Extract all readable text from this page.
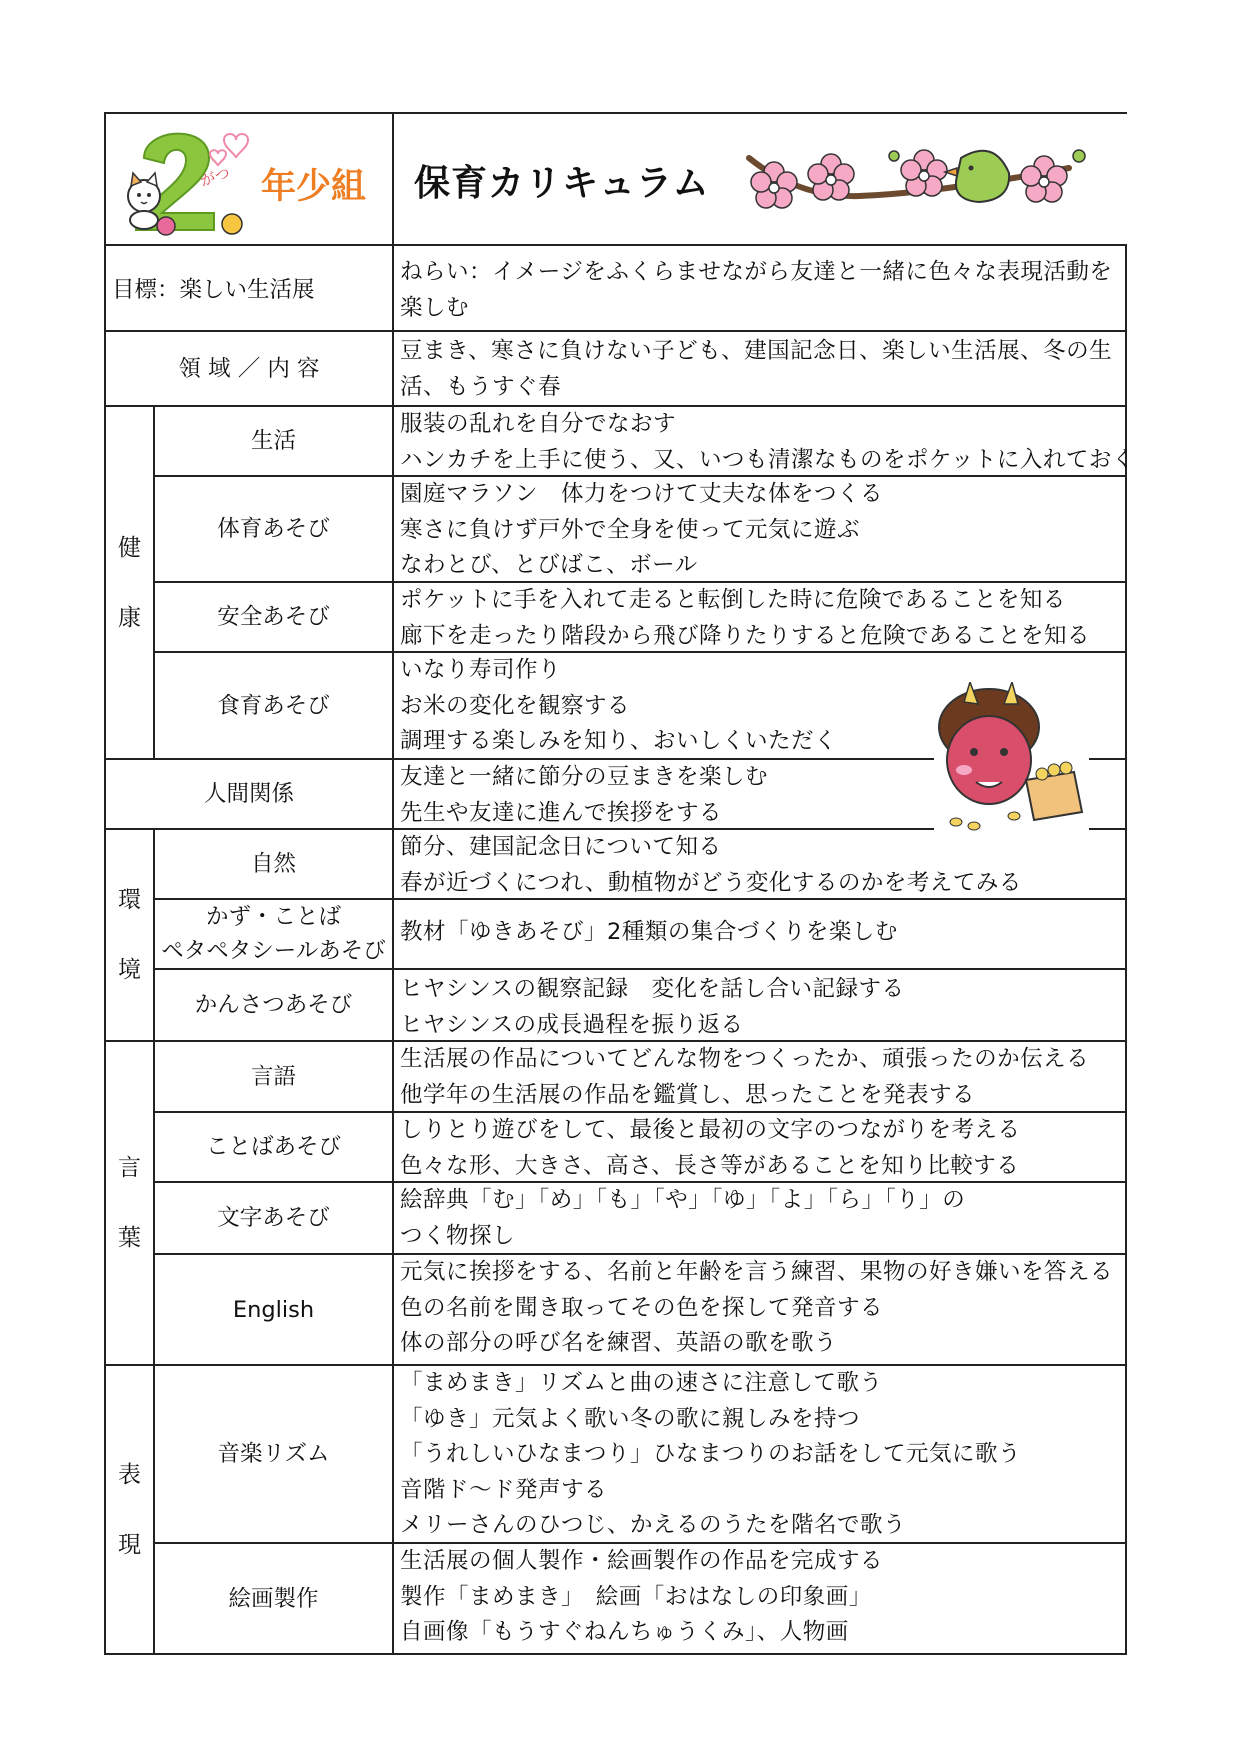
がつ 年少組 保育カリキュラム
目標：楽しい生活展
ねらい：イメージをふくらませながら友達と一緒に色々な表現活動を
楽しむ
領 域 ／ 内 容
豆まき、寒さに負けない子ども、建国記念日、楽しい生活展、冬の生
活、もうすぐ春
健
康
生活
服装の乱れを自分でなおす
ハンカチを上手に使う、又、いつも清潔なものをポケットに入れておく
体育あそび
園庭マラソン　体力をつけて丈夫な体をつくる
寒さに負けず戸外で全身を使って元気に遊ぶ
なわとび、とびばこ、ボール
安全あそび
ポケットに手を入れて走ると転倒した時に危険であることを知る
廊下を走ったり階段から飛び降りたりすると危険であることを知る
食育あそび
いなり寿司作り
お米の変化を観察する
調理する楽しみを知り、おいしくいただく
人間関係
友達と一緒に節分の豆まきを楽しむ
先生や友達に進んで挨拶をする
環
境
自然
節分、建国記念日について知る
春が近づくにつれ、動植物がどう変化するのかを考えてみる
かず・ことば
ペタペタシールあそび
教材「ゆきあそび」2種類の集合づくりを楽しむ
かんさつあそび
ヒヤシンスの観察記録　変化を話し合い記録する
ヒヤシンスの成長過程を振り返る
言
葉
言語
生活展の作品についてどんな物をつくったか、頑張ったのか伝える
他学年の生活展の作品を鑑賞し、思ったことを発表する
ことばあそび
しりとり遊びをして、最後と最初の文字のつながりを考える
色々な形、大きさ、高さ、長さ等があることを知り比較する
文字あそび
絵辞典「む」「め」「も」「や」「ゆ」「よ」「ら」「り」の
つく物探し
English
元気に挨拶をする、名前と年齢を言う練習、果物の好き嫌いを答える
色の名前を聞き取ってその色を探して発音する
体の部分の呼び名を練習、英語の歌を歌う
表
現
音楽リズム
「まめまき」リズムと曲の速さに注意して歌う
「ゆき」元気よく歌い冬の歌に親しみを持つ
「うれしいひなまつり」ひなまつりのお話をして元気に歌う
音階ド〜ド発声する
メリーさんのひつじ、かえるのうたを階名で歌う
絵画製作
生活展の個人製作・絵画製作の作品を完成する
製作「まめまき」　絵画「おはなしの印象画」
自画像「もうすぐねんちゅうくみ」、人物画
